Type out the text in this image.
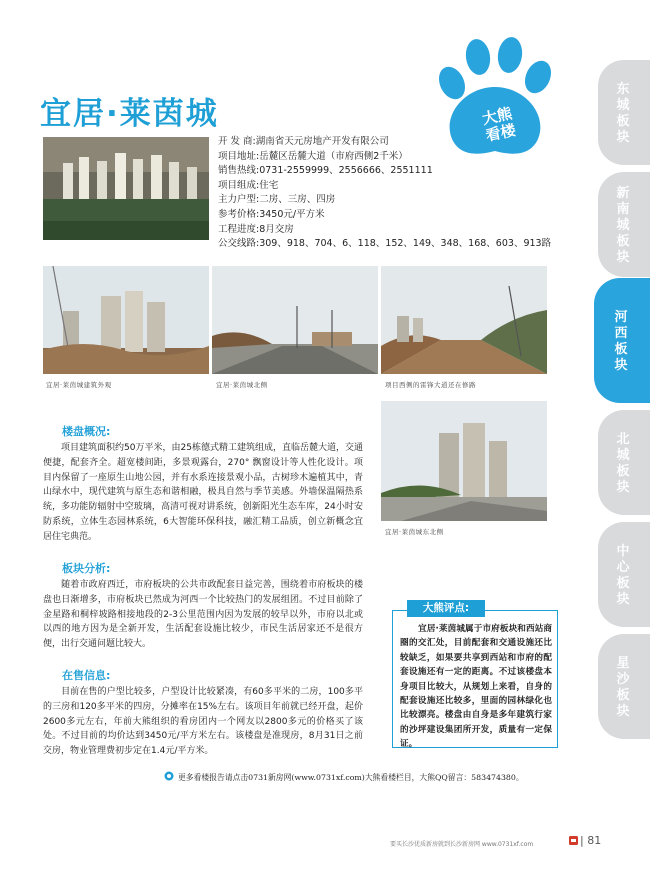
宜居·莱茵城	大熊
看楼
东城板块
新南城板块
河西板块
北城板块
中心板块
星沙板块
开 发 商:湖南省天元房地产开发有限公司
项目地址:岳麓区岳麓大道（市府西侧2千米）
销售热线:0731-2559999、2556666、2551111
项目组成:住宅
主力户型:二房、三房、四房
参考价格:3450元/平方米
工程进度:8月交房
公交线路:309、918、704、6、118、152、149、348、168、603、913路
宜居·莱茵城建筑外观	宜居·莱茵城北侧	项目西侧的雷锋大道还在修路
宜居·莱茵城东北侧
楼盘概况:
项目建筑面积约50万平米，由25栋德式精工建筑组成，直临岳麓大道，交通便捷，配套齐全。超宽楼间距，多景观露台，270° 飘窗设计等人性化设计。项目内保留了一座原生山地公园，并有水系连接景观小品，古树珍木遍植其中，青山绿水中，现代建筑与原生态和谐相融，极具自然与季节美感。外墙保温隔热系统，多功能防辐射中空玻璃，高清可视对讲系统，创新阳光生态车库，24小时安防系统，立体生态园林系统，6大智能环保科技，融汇精工品质，创立新概念宜居住宅典范。
板块分析:
随着市政府西迁，市府板块的公共市政配套日益完善，围绕着市府板块的楼盘也日渐增多，市府板块已然成为河西一个比较热门的发展组团。不过目前除了金星路和桐梓坡路相接地段的2-3公里范围内因为发展的较早以外，市府以北或以西的地方因为是全新开发，生活配套设施比较少，市民生活居家还不是很方便，出行交通问题比较大。
在售信息:
目前在售的户型比较多，户型设计比较紧凑，有60多平米的二房，100多平的三房和120多平米的四房，分摊率在15%左右。该项目年前就已经开盘，起价2600多元左右，年前大熊组织的看房团内一个网友以2800多元的价格买了该处。不过目前的均价达到3450元/平方米左右。该楼盘是准现房，8月31日之前交房，物业管理费初步定在1.4元/平方米。
大熊评点:
宜居·莱茵城属于市府板块和西站商圈的交汇处，目前配套和交通设施还比较缺乏，如果要共享到西站和市府的配套设施还有一定的距离。不过该楼盘本身项目比较大，从规划上来看，自身的配套设施还比较多，里面的园林绿化也比较漂亮。楼盘由自身是多年建筑行家的沙坪建设集团所开发，质量有一定保证。
更多看楼报告请点击0731新房网(www.0731xf.com)大熊看楼栏目，大熊QQ留言：583474380。
要买长沙优质新房就到长沙新房网 www.0731xf.com	| 81
